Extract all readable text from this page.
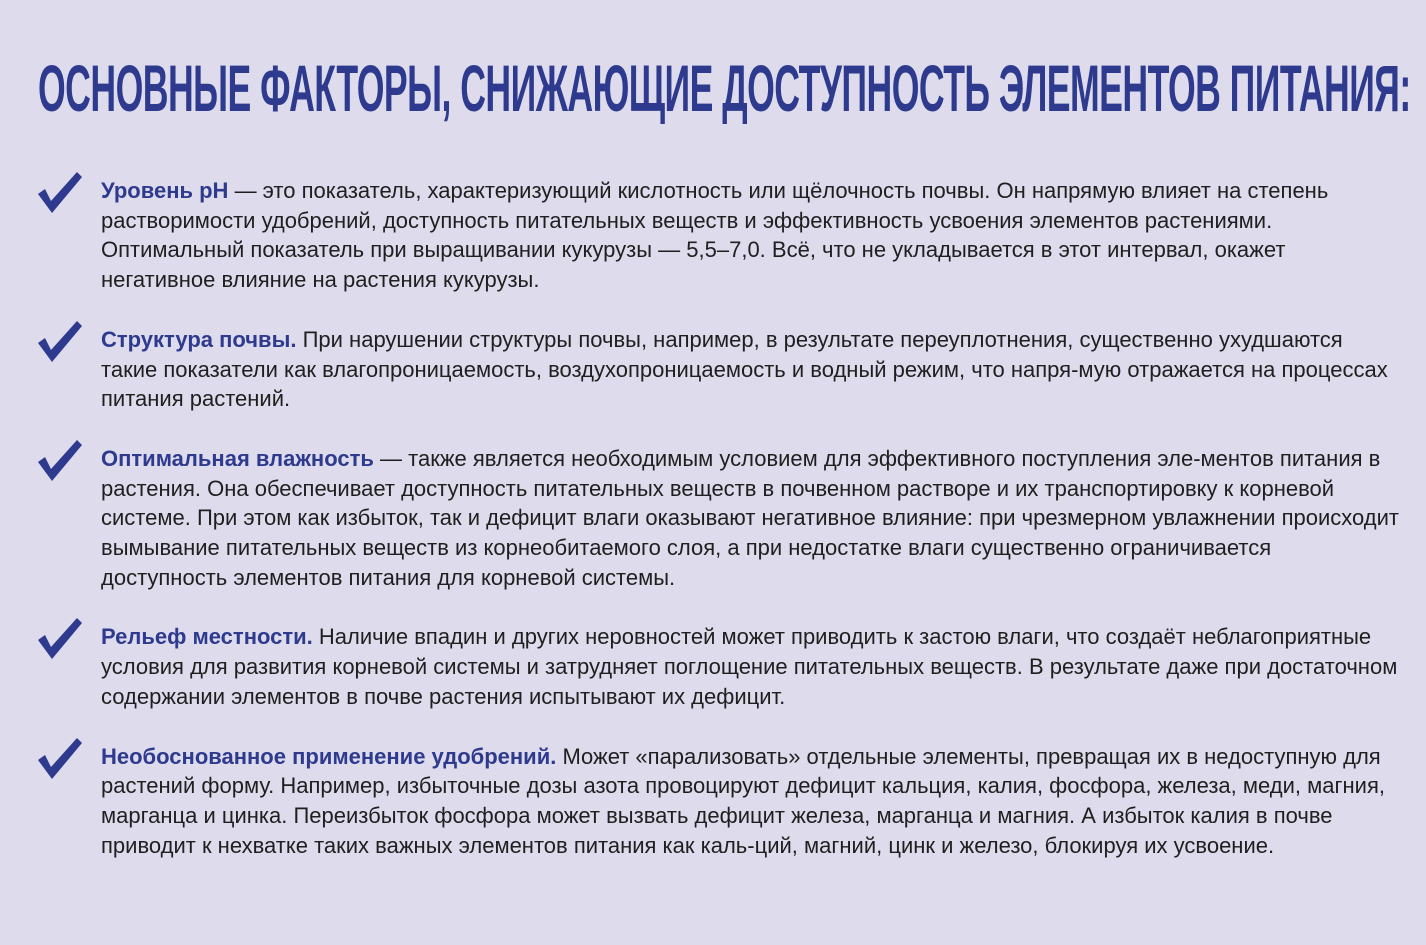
ОСНОВНЫЕ ФАКТОРЫ, СНИЖАЮЩИЕ ДОСТУПНОСТЬ ЭЛЕМЕНТОВ ПИТАНИЯ:

Уровень pH — это показатель, характеризующий кислотность или щёлочность почвы. Он напрямую влияет на степень растворимости удобрений, доступность питательных веществ и эффективность усвоения элементов растениями. Оптимальный показатель при выращивании кукурузы — 5,5–7,0. Всё, что не укладывается в этот интервал, окажет негативное влияние на растения кукурузы.

Структура почвы. При нарушении структуры почвы, например, в результате переуплотнения, существенно ухудшаются такие показатели как влагопроницаемость, воздухопроницаемость и водный режим, что напря-мую отражается на процессах питания растений.

Оптимальная влажность — также является необходимым условием для эффективного поступления эле-ментов питания в растения. Она обеспечивает доступность питательных веществ в почвенном растворе и их транспортировку к корневой системе. При этом как избыток, так и дефицит влаги оказывают негативное влияние: при чрезмерном увлажнении происходит вымывание питательных веществ из корнеобитаемого слоя, а при недостатке влаги существенно ограничивается доступность элементов питания для корневой системы.

Рельеф местности. Наличие впадин и других неровностей может приводить к застою влаги, что создаёт неблагоприятные условия для развития корневой системы и затрудняет поглощение питательных веществ. В результате даже при достаточном содержании элементов в почве растения испытывают их дефицит.

Необоснованное применение удобрений. Может «парализовать» отдельные элементы, превращая их в недоступную для растений форму. Например, избыточные дозы азота провоцируют дефицит кальция, калия, фосфора, железа, меди, магния, марганца и цинка. Переизбыток фосфора может вызвать дефицит железа, марганца и магния. А избыток калия в почве приводит к нехватке таких важных элементов питания как каль-ций, магний, цинк и железо, блокируя их усвоение.
